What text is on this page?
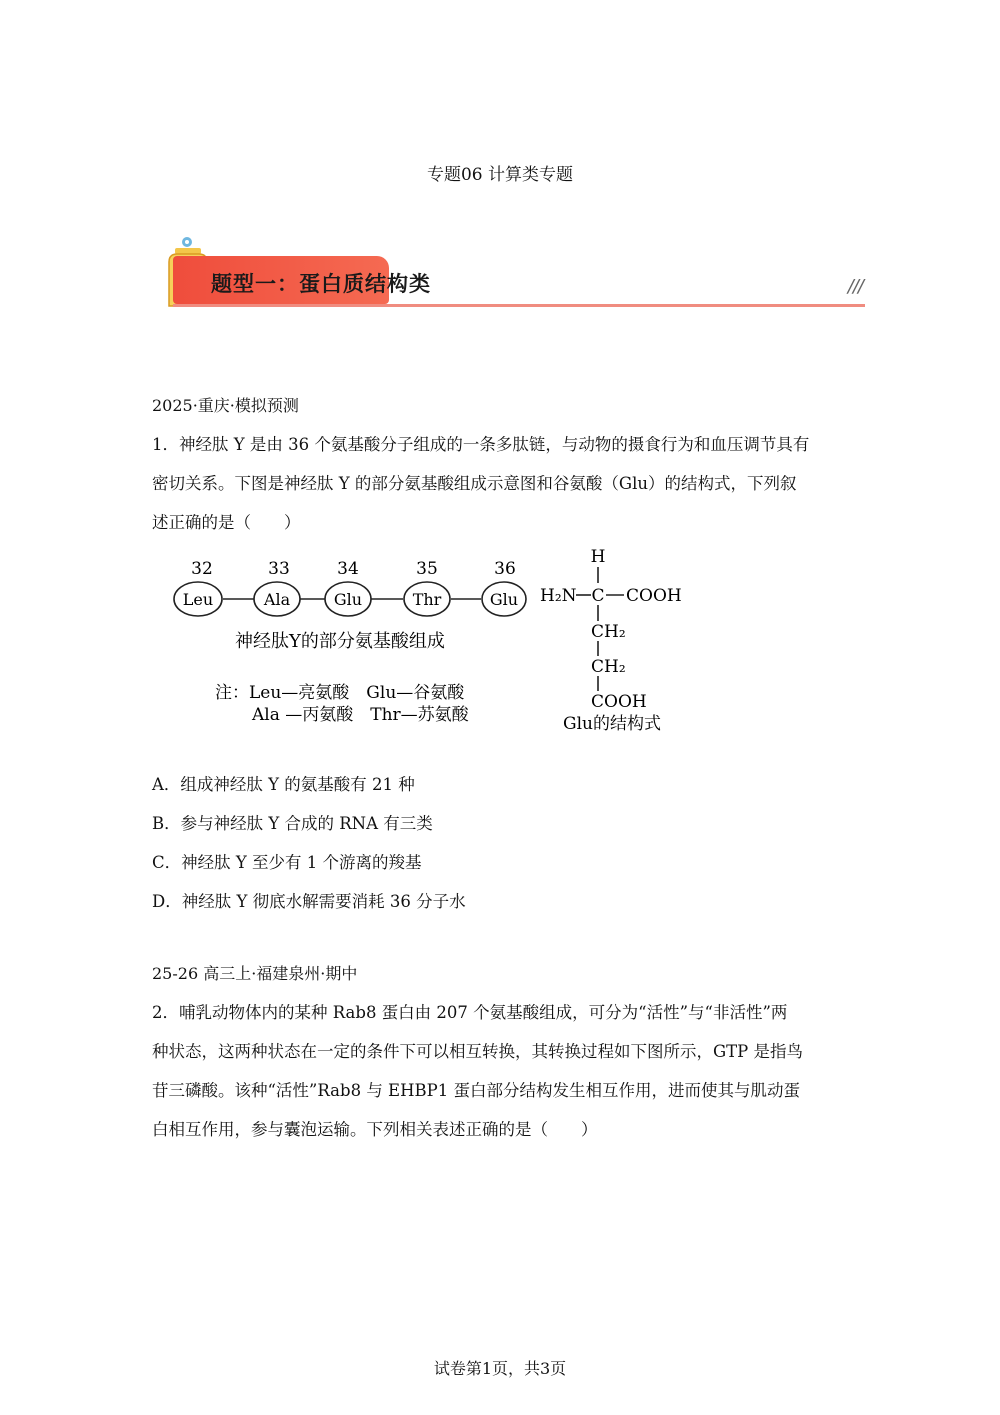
专题06 计算类专题
题型一：蛋白质结构类	///
2025·重庆·模拟预测
1．神经肽 Y 是由 36 个氨基酸分子组成的一条多肽链，与动物的摄食行为和血压调节具有
密切关系。下图是神经肽 Y 的部分氨基酸组成示意图和谷氨酸（Glu）的结构式，下列叙
述正确的是（　　）
Leu	Ala	Glu	Thr	Glu
32	33	34	35	36
神经肽Y的部分氨基酸组成
注：Leu—亮氨酸　Glu—谷氨酸
Ala —丙氨酸　Thr—苏氨酸
H
H₂N C COOH
CH₂
CH₂
COOH
Glu的结构式
A．组成神经肽 Y 的氨基酸有 21 种
B．参与神经肽 Y 合成的 RNA 有三类
C．神经肽 Y 至少有 1 个游离的羧基
D．神经肽 Y 彻底水解需要消耗 36 分子水
25-26 高三上·福建泉州·期中
2．哺乳动物体内的某种 Rab8 蛋白由 207 个氨基酸组成，可分为“活性”与“非活性”两
种状态，这两种状态在一定的条件下可以相互转换，其转换过程如下图所示，GTP 是指鸟
苷三磷酸。该种“活性”Rab8 与 EHBP1 蛋白部分结构发生相互作用，进而使其与肌动蛋
白相互作用，参与囊泡运输。下列相关表述正确的是（　　）
试卷第1页，共3页
